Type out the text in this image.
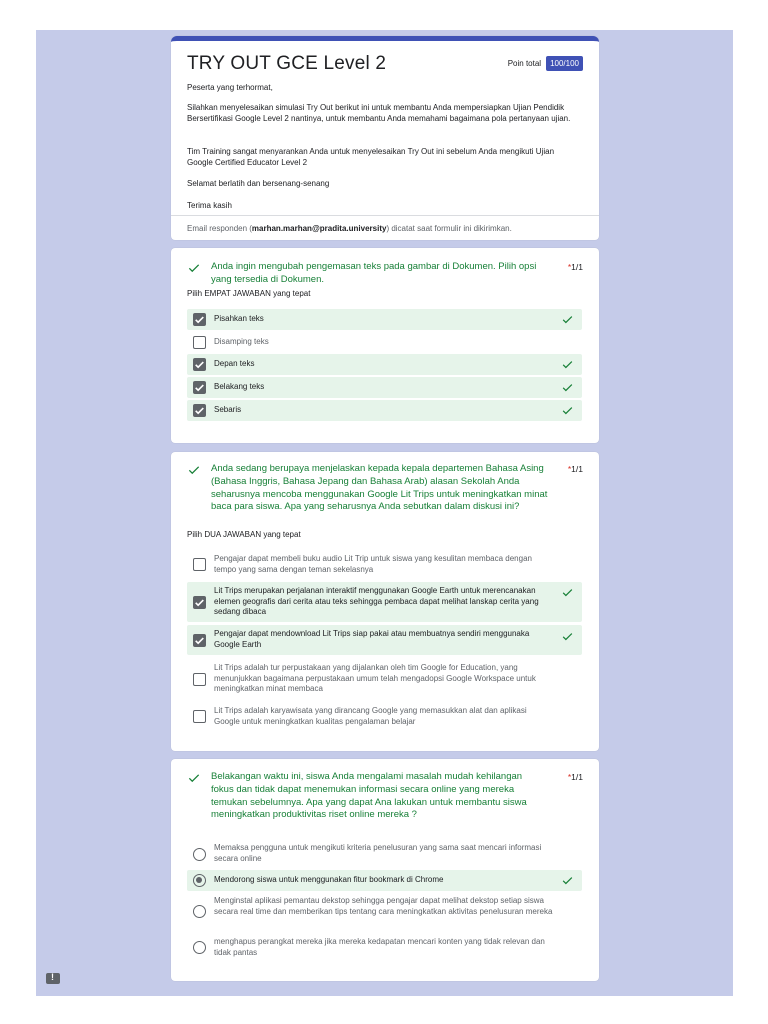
TRY OUT GCE Level 2	Poin total	100/100
Peserta yang terhormat,
Silahkan menyelesaikan simulasi Try Out berikut ini untuk membantu Anda mempersiapkan Ujian Pendidik Bersertifikasi Google Level 2 nantinya, untuk membantu Anda memahami bagaimana pola pertanyaan ujian.
Tim Training sangat menyarankan Anda untuk menyelesaikan Try Out ini sebelum Anda mengikuti Ujian Google Certified Educator Level 2
Selamat berlatih dan bersenang-senang
Terima kasih
Email responden (marhan.marhan@pradita.university) dicatat saat formulir ini dikirimkan.
Anda ingin mengubah pengemasan teks pada gambar di Dokumen. Pilih opsi yang tersedia di Dokumen.
*1/1
Pilih EMPAT JAWABAN yang tepat
Pisahkan teks
Disamping teks
Depan teks
Belakang teks
Sebaris
Anda sedang berupaya menjelaskan kepada kepala departemen Bahasa Asing (Bahasa Inggris, Bahasa Jepang dan Bahasa Arab) alasan Sekolah Anda seharusnya mencoba menggunakan Google Lit Trips untuk meningkatkan minat baca para siswa. Apa yang seharusnya Anda sebutkan dalam diskusi ini?
*1/1
Pilih DUA JAWABAN yang tepat
Pengajar dapat membeli buku audio Lit Trip untuk siswa yang kesulitan membaca dengan tempo yang sama dengan teman sekelasnya
Lit Trips merupakan perjalanan interaktif menggunakan Google Earth untuk merencanakan elemen geografis dari cerita atau teks sehingga pembaca dapat melihat lanskap cerita yang sedang dibaca
Pengajar dapat mendownload Lit Trips siap pakai atau membuatnya sendiri menggunaka Google Earth
Lit Trips adalah tur perpustakaan yang dijalankan oleh tim Google for Education, yang menunjukkan bagaimana perpustakaan umum telah mengadopsi Google Workspace untuk meningkatkan minat membaca
Lit Trips adalah karyawisata yang dirancang Google yang memasukkan alat dan aplikasi Google untuk meningkatkan kualitas pengalaman belajar
Belakangan waktu ini, siswa Anda mengalami masalah mudah kehilangan fokus dan tidak dapat menemukan informasi secara online yang mereka temukan sebelumnya. Apa yang dapat Ana lakukan untuk membantu siswa meningkatkan produktivitas riset online mereka ?
*1/1
Memaksa pengguna untuk mengikuti kriteria penelusuran yang sama saat mencari informasi secara online
Mendorong siswa untuk menggunakan fitur bookmark di Chrome
Menginstal aplikasi pemantau dekstop sehingga pengajar dapat melihat dekstop setiap siswa secara real time dan memberikan tips tentang cara meningkatkan aktivitas penelusuran mereka
menghapus perangkat mereka jika mereka kedapatan mencari konten yang tidak relevan dan tidak pantas
!
